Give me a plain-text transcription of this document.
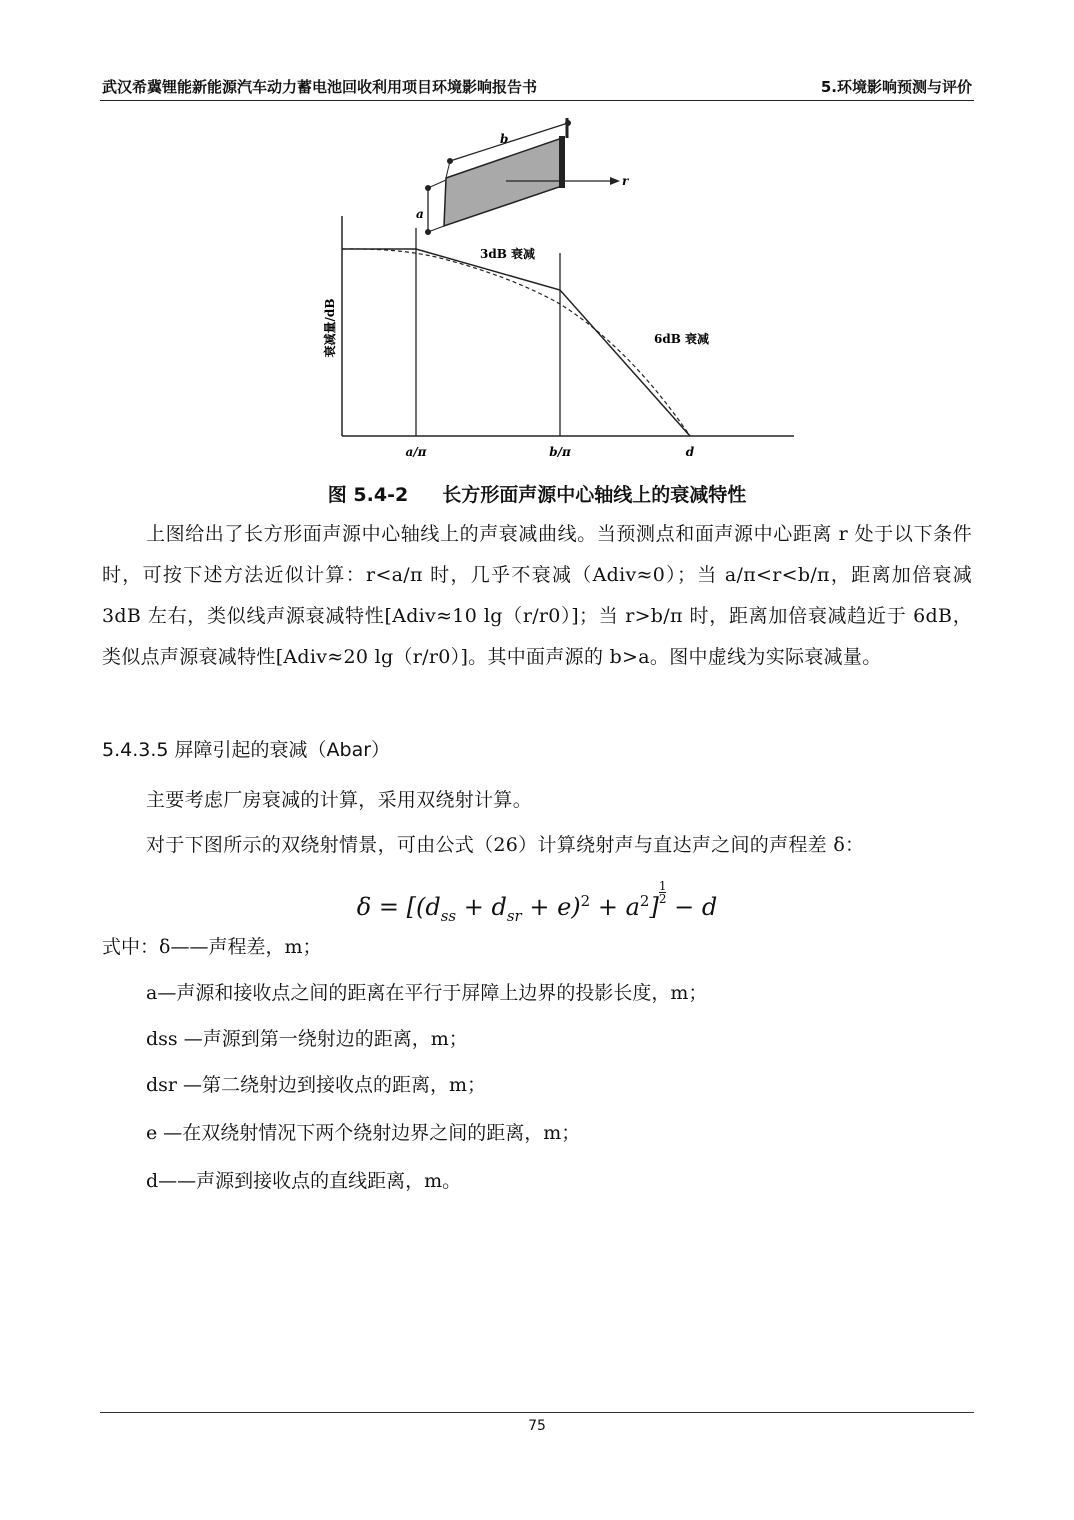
武汉希冀锂能新能源汽车动力蓄电池回收利用项目环境影响报告书	5.环境影响预测与评价
b
a
r
3dB 衰减
6dB 衰减
衰减量/dB
a/π	b/π	d
图 5.4-2 长方形面声源中心轴线上的衰减特性
上图给出了长方形面声源中心轴线上的声衰减曲线。当预测点和面声源中心距离 r 处于以下条件时，可按下述方法近似计算：r<a/π 时，几乎不衰减（Adiv≈0）；当 a/π<r<b/π，距离加倍衰减 3dB 左右，类似线声源衰减特性[Adiv≈10 lg（r/r0）]；当 r>b/π 时，距离加倍衰减趋近于 6dB，类似点声源衰减特性[Adiv≈20 lg（r/r0）]。其中面声源的 b>a。图中虚线为实际衰减量。
5.4.3.5 屏障引起的衰减（Abar）
主要考虑厂房衰减的计算，采用双绕射计算。
对于下图所示的双绕射情景，可由公式（26）计算绕射声与直达声之间的声程差 δ：
$\delta = [(d_{ss} + d_{sr} + e)^2 + a^2]$
$\frac{1}{2}$
− d
式中：δ——声程差，m；
a—声源和接收点之间的距离在平行于屏障上边界的投影长度，m；
dss —声源到第一绕射边的距离，m；
dsr —第二绕射边到接收点的距离，m；
e —在双绕射情况下两个绕射边界之间的距离，m；
d——声源到接收点的直线距离，m。
75
